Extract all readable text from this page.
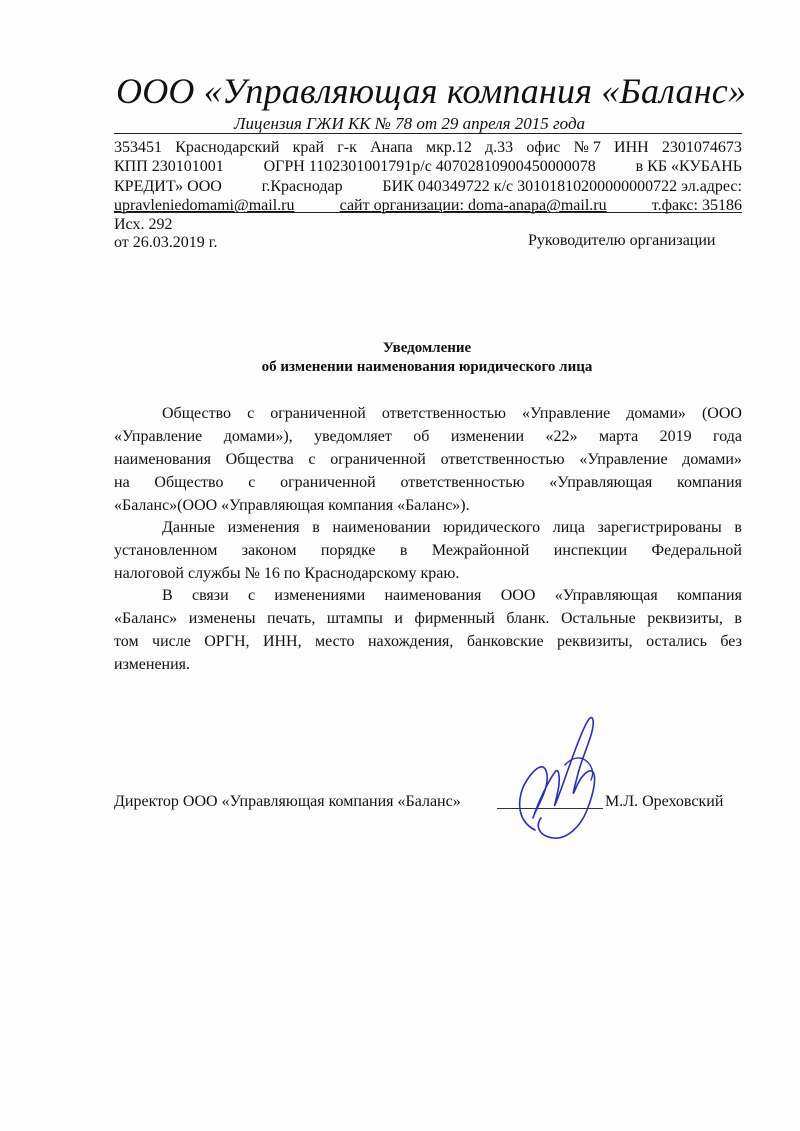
ООО «Управляющая компания «Баланс»
Лицензия ГЖИ КК № 78 от 29 апреля 2015 года
353451 Краснодарский край г-к Анапа мкр.12 д.33 офис № 7 ИНН 2301074673
КПП 230101001 ОГРН 1102301001791р/с 40702810900450000078 в КБ «КУБАНЬ
КРЕДИТ» ООО г.Краснодар БИК 040349722 к/с 30101810200000000722 эл.адрес:
upravleniedomami@mail.ru	сайт организации: doma-anapa@mail.ru	т.факс: 35186
Исх. 292
от 26.03.2019 г.	Руководителю организации
Уведомление
об изменении наименования юридического лица
Общество с ограниченной ответственностью «Управление домами» (ООО
«Управление домами»), уведомляет об изменении «22» марта 2019 года
наименования Общества с ограниченной ответственностью «Управление домами»
на Общество с ограниченной ответственностью «Управляющая компания
«Баланс»(ООО «Управляющая компания «Баланс»).
Данные изменения в наименовании юридического лица зарегистрированы в
установленном законом порядке в Межрайонной инспекции Федеральной
налоговой службы № 16 по Краснодарскому краю.
В связи с изменениями наименования ООО «Управляющая компания
«Баланс» изменены печать, штампы и фирменный бланк. Остальные реквизиты, в
том числе ОРГН, ИНН, место нахождения, банковские реквизиты, остались без
изменения.
Директор ООО «Управляющая компания «Баланс»	М.Л. Ореховский
